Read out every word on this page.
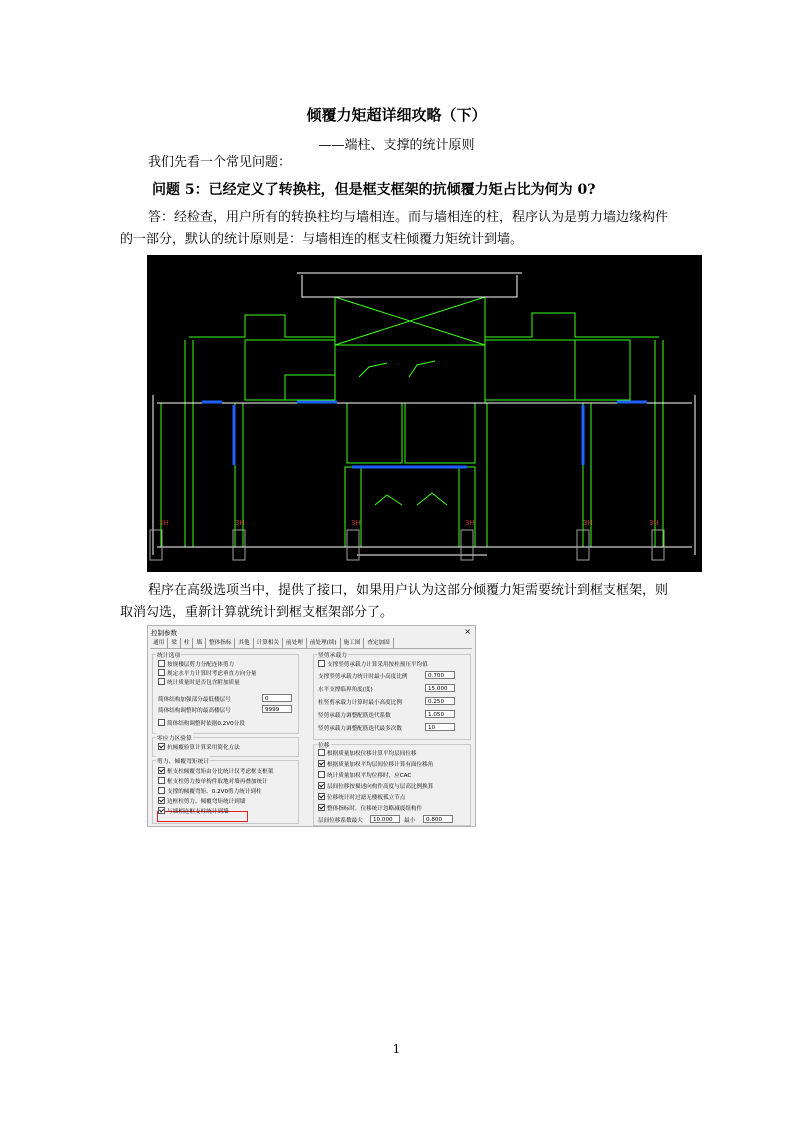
倾覆力矩超详细攻略（下）
——端柱、支撑的统计原则
我们先看一个常见问题：
问题 5：已经定义了转换柱，但是框支框架的抗倾覆力矩占比为何为 0?
答：经检查，用户所有的转换柱均与墙相连。而与墙相连的柱，程序认为是剪力墙边缘构件的一部分，默认的统计原则是：与墙相连的框支柱倾覆力矩统计到墙。
3H	3H	3H	3H	3H	3H
程序在高级选项当中，提供了接口，如果用户认为这部分倾覆力矩需要统计到框支框架，则取消勾选，重新计算就统计到框支框架部分了。
控制参数	×
通用	梁	柱	墙	整体指标	其他	计算相关	前处理	前处理(续)	施工图	查定加固
统计选项
简体结构调整时依据0.2V0分段
零应力区验算
剪力、倾覆弯矩统计
竖剪承载力
位移
层间位移系数最大	10.000	最小	0.800
按规楼层剪力分配连体剪力
规定水平力计算时考虑垂直方向分量
统计质量时是否包含附加质量
简体结构加强部分最低楼层号	0
简体结构调整时的最高楼层号	9999
抗倾覆验算计算采用简化方法
框支柱倾覆弯矩由分比统计仅考虑框支框架
框支柱剪力按单构件取地对墙再叠加统计
支撑的倾覆弯矩、0.2V0剪力统计到柱
边框柱剪力、倾覆弯矩统计到墙
与墙相连框支柱统计到墙
支撑竖剪承载力计算采用按柱预压平均值
支撑竖剪承载力统计时最小高度比例	0.700
水平支撑临界角度(度)	15.000
柱竖剪承载力计算时最小高度比例	0.250
竖剪承载力调整配筋迭代系数	1.050
竖剪承载力调整配筋迭代最多次数	10
根据质量加权位移计算平均层间位移
根据质量加权平均层间位移计算有面位移角
统计质量加权平均位移时，应CAC
层间位移按描述向构件高度与层高比例换算
位移统计时过滤无楼板孤立节点
整体指标时，位移统计忽略减震组构件
1
